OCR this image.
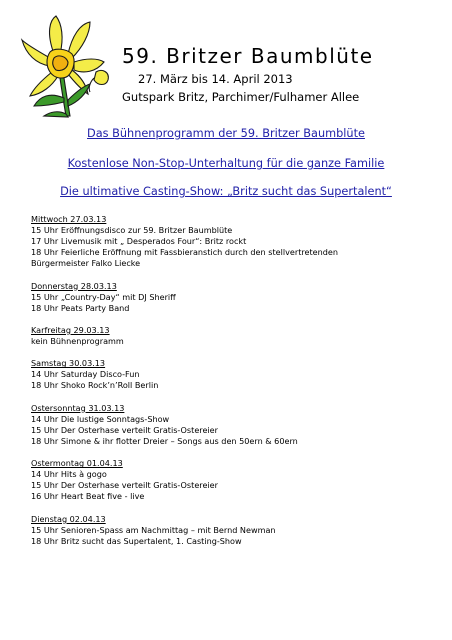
59. Britzer Baumblüte
27. März bis 14. April 2013
Gutspark Britz, Parchimer/Fulhamer Allee
Das Bühnenprogramm der 59. Britzer Baumblüte
Kostenlose Non-Stop-Unterhaltung für die ganze Familie
Die ultimative Casting-Show: „Britz sucht das Supertalent“
Mittwoch 27.03.13
15 Uhr Eröffnungsdisco zur 59. Britzer Baumblüte
17 Uhr Livemusik mit „ Desperados Four“: Britz rockt
18 Uhr Feierliche Eröffnung mit Fassbieranstich durch den stellvertretenden
Bürgermeister Falko Liecke
Donnerstag 28.03.13
15 Uhr „Country-Day“ mit DJ Sheriff
18 Uhr Peats Party Band
Karfreitag 29.03.13
kein Bühnenprogramm
Samstag 30.03.13
14 Uhr Saturday Disco-Fun
18 Uhr Shoko Rock’n’Roll Berlin
Ostersonntag 31.03.13
14 Uhr Die lustige Sonntags-Show
15 Uhr Der Osterhase verteilt Gratis-Ostereier
18 Uhr Simone & ihr flotter Dreier – Songs aus den 50ern & 60ern
Ostermontag 01.04.13
14 Uhr Hits à gogo
15 Uhr Der Osterhase verteilt Gratis-Ostereier
16 Uhr Heart Beat five - live
Dienstag 02.04.13
15 Uhr Senioren-Spass am Nachmittag – mit Bernd Newman
18 Uhr Britz sucht das Supertalent, 1. Casting-Show
